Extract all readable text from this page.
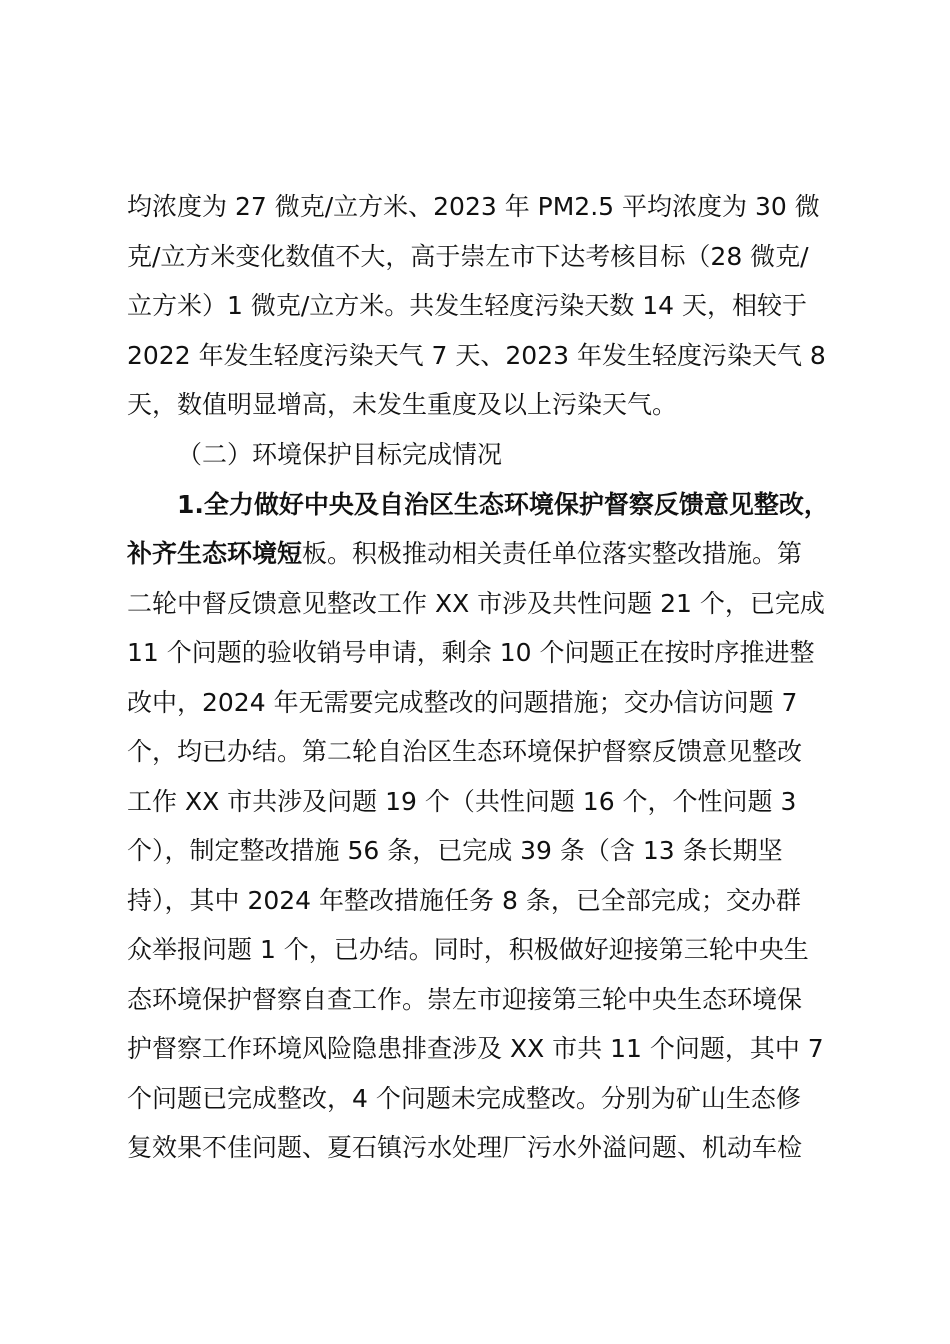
均浓度为 27 微克/立方米、2023 年 PM2.5 平均浓度为 30 微
克/立方米变化数值不大，高于崇左市下达考核目标（28 微克/
立方米）1 微克/立方米。共发生轻度污染天数 14 天，相较于
2022 年发生轻度污染天气 7 天、2023 年发生轻度污染天气 8
天，数值明显增高，未发生重度及以上污染天气。
（二）环境保护目标完成情况
1.全力做好中央及自治区生态环境保护督察反馈意见整改，
补齐生态环境短板。积极推动相关责任单位落实整改措施。第
二轮中督反馈意见整改工作 XX 市涉及共性问题 21 个，已完成
11 个问题的验收销号申请，剩余 10 个问题正在按时序推进整
改中，2024 年无需要完成整改的问题措施；交办信访问题 7
个，均已办结。第二轮自治区生态环境保护督察反馈意见整改
工作 XX 市共涉及问题 19 个（共性问题 16 个，个性问题 3
个），制定整改措施 56 条，已完成 39 条（含 13 条长期坚
持），其中 2024 年整改措施任务 8 条，已全部完成；交办群
众举报问题 1 个，已办结。同时，积极做好迎接第三轮中央生
态环境保护督察自查工作。崇左市迎接第三轮中央生态环境保
护督察工作环境风险隐患排查涉及 XX 市共 11 个问题，其中 7
个问题已完成整改，4 个问题未完成整改。分别为矿山生态修
复效果不佳问题、夏石镇污水处理厂污水外溢问题、机动车检
